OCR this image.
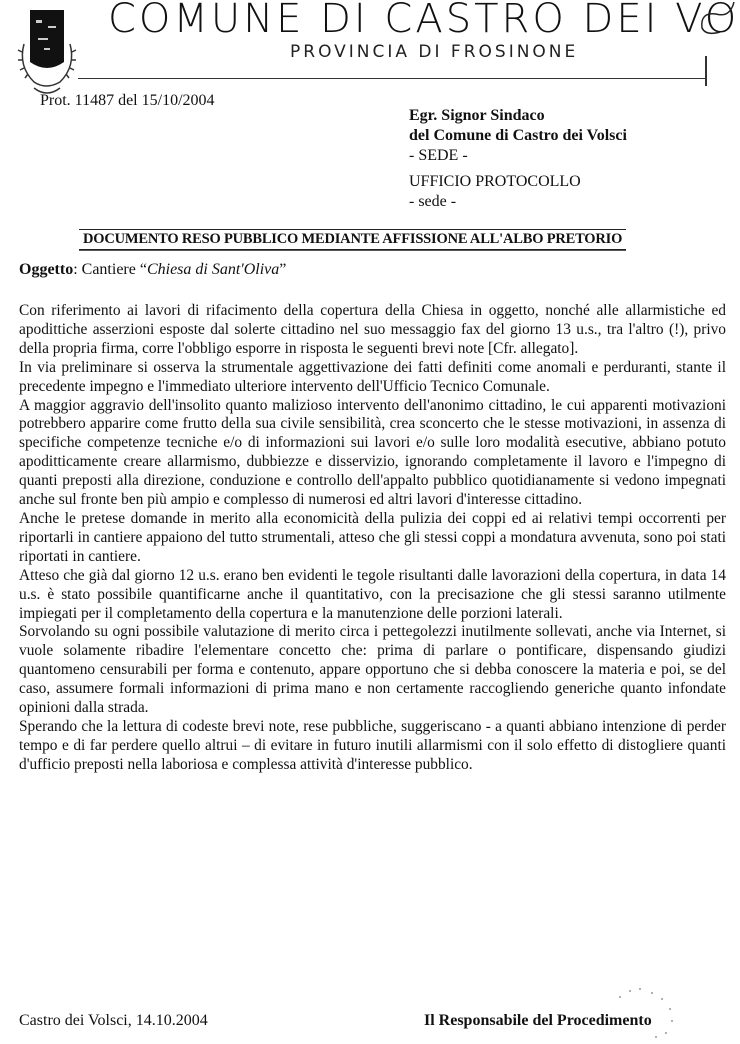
COMUNE DI CASTRO DEI VO
PROVINCIA DI FROSINONE
Prot. 11487 del 15/10/2004
Egr. Signor Sindaco
del Comune di Castro dei Volsci
- SEDE -
UFFICIO PROTOCOLLO
- sede -
DOCUMENTO RESO PUBBLICO MEDIANTE AFFISSIONE ALL'ALBO PRETORIO
Oggetto: Cantiere “Chiesa di Sant'Oliva”

Con riferimento ai lavori di rifacimento della copertura della Chiesa in oggetto, nonché alle allarmistiche ed apodittiche asserzioni esposte dal solerte cittadino nel suo messaggio fax del giorno 13 u.s., tra l'altro (!), privo della propria firma, corre l'obbligo esporre in risposta le seguenti brevi note [Cfr. allegato].

In via preliminare si osserva la strumentale aggettivazione dei fatti definiti come anomali e perduranti, stante il precedente impegno e l'immediato ulteriore intervento dell'Ufficio Tecnico Comunale.

A maggior aggravio dell'insolito quanto malizioso intervento dell'anonimo cittadino, le cui apparenti motivazioni potrebbero apparire come frutto della sua civile sensibilità, crea sconcerto che le stesse motivazioni, in assenza di specifiche competenze tecniche e/o di informazioni sui lavori e/o sulle loro modalità esecutive, abbiano potuto apoditticamente creare allarmismo, dubbiezze e disservizio, ignorando completamente il lavoro e l'impegno di quanti preposti alla direzione, conduzione e controllo dell'appalto pubblico quotidianamente si vedono impegnati anche sul fronte ben più ampio e complesso di numerosi ed altri lavori d'interesse cittadino.

Anche le pretese domande in merito alla economicità della pulizia dei coppi ed ai relativi tempi occorrenti per riportarli in cantiere appaiono del tutto strumentali, atteso che gli stessi coppi a mondatura avvenuta, sono poi stati riportati in cantiere.

Atteso che già dal giorno 12 u.s. erano ben evidenti le tegole risultanti dalle lavorazioni della copertura, in data 14 u.s. è stato possibile quantificarne anche il quantitativo, con la precisazione che gli stessi saranno utilmente impiegati per il completamento della copertura e la manutenzione delle porzioni laterali.

Sorvolando su ogni possibile valutazione di merito circa i pettegolezzi inutilmente sollevati, anche via Internet, si vuole solamente ribadire l'elementare concetto che: prima di parlare o pontificare, dispensando giudizi quantomeno censurabili per forma e contenuto, appare opportuno che si debba conoscere la materia e poi, se del caso, assumere formali informazioni di prima mano e non certamente raccogliendo generiche quanto infondate opinioni dalla strada.

Sperando che la lettura di codeste brevi note, rese pubbliche, suggeriscano - a quanti abbiano intenzione di perder tempo e di far perdere quello altrui – di evitare in futuro inutili allarmismi con il solo effetto di distogliere quanti d'ufficio preposti nella laboriosa e complessa attività d'interesse pubblico.

Castro dei Volsci, 14.10.2004	Il Responsabile del Procedimento
